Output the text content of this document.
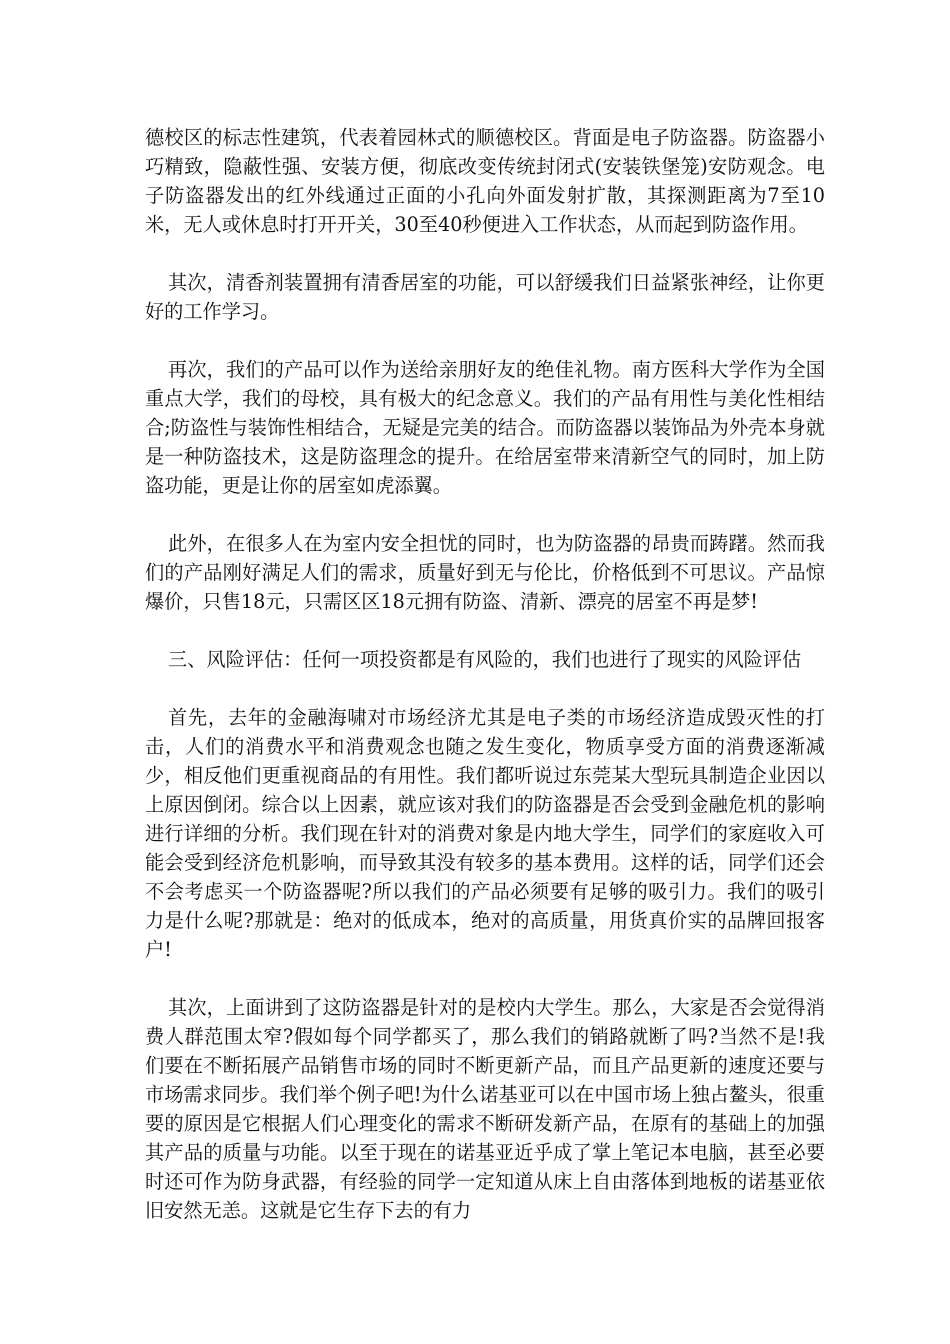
德校区的标志性建筑，代表着园林式的顺德校区。背面是电子防盗器。防盗器小巧精致，隐蔽性强、安装方便，彻底改变传统封闭式(安装铁堡笼)安防观念。电子防盗器发出的红外线通过正面的小孔向外面发射扩散，其探测距离为7至10米，无人或休息时打开开关，30至40秒便进入工作状态，从而起到防盗作用。

其次，清香剂装置拥有清香居室的功能，可以舒缓我们日益紧张神经，让你更好的工作学习。

再次，我们的产品可以作为送给亲朋好友的绝佳礼物。南方医科大学作为全国重点大学，我们的母校，具有极大的纪念意义。我们的产品有用性与美化性相结合;防盗性与装饰性相结合，无疑是完美的结合。而防盗器以装饰品为外壳本身就是一种防盗技术，这是防盗理念的提升。在给居室带来清新空气的同时，加上防盗功能，更是让你的居室如虎添翼。

此外，在很多人在为室内安全担忧的同时，也为防盗器的昂贵而踌躇。然而我们的产品刚好满足人们的需求，质量好到无与伦比，价格低到不可思议。产品惊爆价，只售18元，只需区区18元拥有防盗、清新、漂亮的居室不再是梦!

三、风险评估：任何一项投资都是有风险的，我们也进行了现实的风险评估

首先，去年的金融海啸对市场经济尤其是电子类的市场经济造成毁灭性的打击，人们的消费水平和消费观念也随之发生变化，物质享受方面的消费逐渐减少，相反他们更重视商品的有用性。我们都听说过东莞某大型玩具制造企业因以上原因倒闭。综合以上因素，就应该对我们的防盗器是否会受到金融危机的影响进行详细的分析。我们现在针对的消费对象是内地大学生，同学们的家庭收入可能会受到经济危机影响，而导致其没有较多的基本费用。这样的话，同学们还会不会考虑买一个防盗器呢?所以我们的产品必须要有足够的吸引力。我们的吸引力是什么呢?那就是：绝对的低成本，绝对的高质量，用货真价实的品牌回报客户!

其次，上面讲到了这防盗器是针对的是校内大学生。那么，大家是否会觉得消费人群范围太窄?假如每个同学都买了，那么我们的销路就断了吗?当然不是!我们要在不断拓展产品销售市场的同时不断更新产品，而且产品更新的速度还要与市场需求同步。我们举个例子吧!为什么诺基亚可以在中国市场上独占鳌头，很重要的原因是它根据人们心理变化的需求不断研发新产品，在原有的基础上的加强其产品的质量与功能。以至于现在的诺基亚近乎成了掌上笔记本电脑，甚至必要时还可作为防身武器，有经验的同学一定知道从床上自由落体到地板的诺基亚依旧安然无恙。这就是它生存下去的有力
